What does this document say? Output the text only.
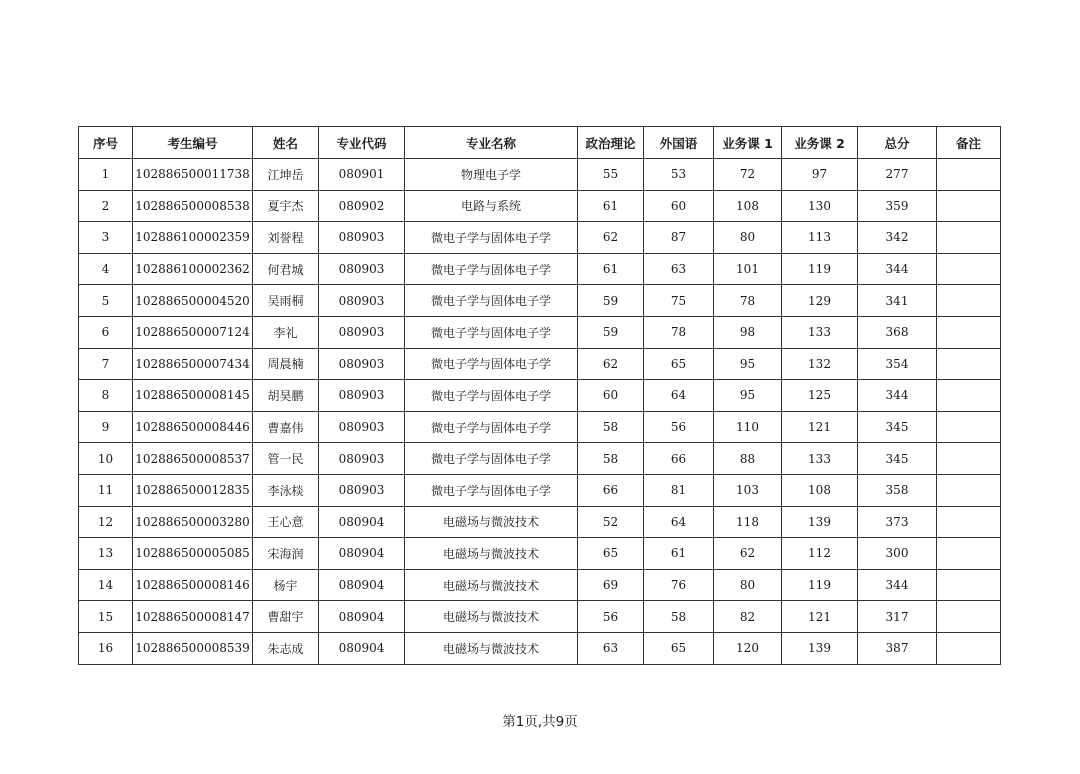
序号	考生编号	姓名	专业代码	专业名称	政治理论	外国语	业务课 1	业务课 2	总分	备注
1	102886500011738	江坤岳	080901	物理电子学	55	53	72	97	277	
2	102886500008538	夏宇杰	080902	电路与系统	61	60	108	130	359	
3	102886100002359	刘誉程	080903	微电子学与固体电子学	62	87	80	113	342	
4	102886100002362	何君城	080903	微电子学与固体电子学	61	63	101	119	344	
5	102886500004520	吴雨桐	080903	微电子学与固体电子学	59	75	78	129	341	
6	102886500007124	李礼	080903	微电子学与固体电子学	59	78	98	133	368	
7	102886500007434	周晨楠	080903	微电子学与固体电子学	62	65	95	132	354	
8	102886500008145	胡昊鹏	080903	微电子学与固体电子学	60	64	95	125	344	
9	102886500008446	曹嘉伟	080903	微电子学与固体电子学	58	56	110	121	345	
10	102886500008537	管一民	080903	微电子学与固体电子学	58	66	88	133	345	
11	102886500012835	李泳棪	080903	微电子学与固体电子学	66	81	103	108	358	
12	102886500003280	王心意	080904	电磁场与微波技术	52	64	118	139	373	
13	102886500005085	宋海润	080904	电磁场与微波技术	65	61	62	112	300	
14	102886500008146	杨宇	080904	电磁场与微波技术	69	76	80	119	344	
15	102886500008147	曹甜宇	080904	电磁场与微波技术	56	58	82	121	317	
16	102886500008539	朱志成	080904	电磁场与微波技术	63	65	120	139	387	
第1页,共9页
